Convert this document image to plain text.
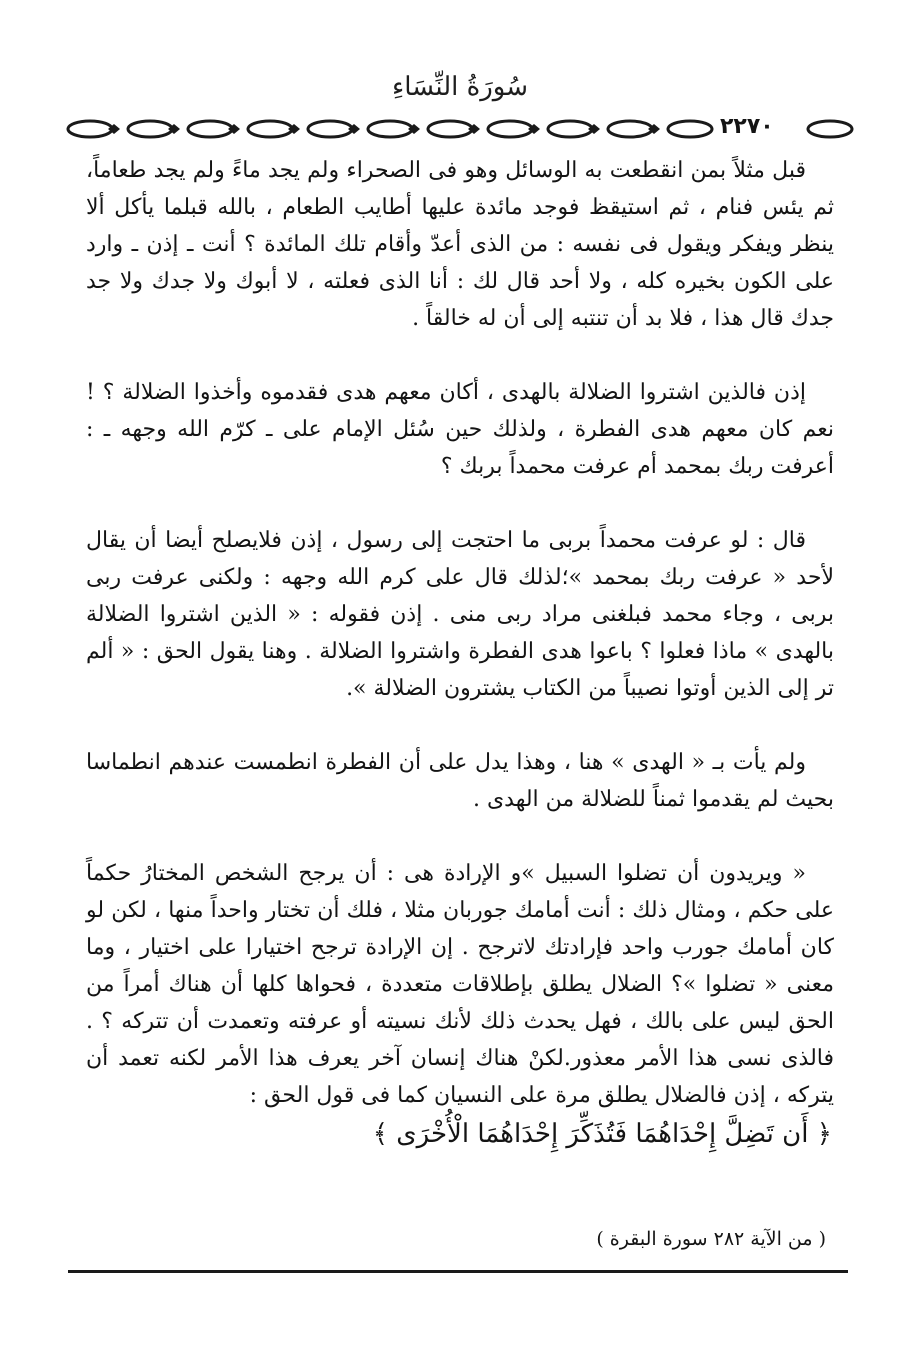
سُورَةُ النِّسَاءِ
٢٢٧٠

قبل مثلاً بمن انقطعت به الوسائل وهو فى الصحراء ولم يجد ماءً ولم يجد طعاماً، ثم يئس فنام ، ثم استيقظ فوجد مائدة عليها أطايب الطعام ، بالله قبلما يأكل ألا ينظر ويفكر ويقول فى نفسه : من الذى أعدّ وأقام تلك المائدة ؟ أنت ـ إذن ـ وارد على الكون بخيره كله ، ولا أحد قال لك : أنا الذى فعلته ، لا أبوك ولا جدك ولا جد جدك قال هذا ، فلا بد أن تنتبه إلى أن له خالقاً .

إذن فالذين اشتروا الضلالة بالهدى ، أكان معهم هدى فقدموه وأخذوا الضلالة ؟ ! نعم كان معهم هدى الفطرة ، ولذلك حين سُئل الإمام على ـ كرّم الله وجهه ـ : أعرفت ربك بمحمد أم عرفت محمداً بربك ؟

قال : لو عرفت محمداً بربى ما احتجت إلى رسول ، إذن فلايصلح أيضا أن يقال لأحد « عرفت ربك بمحمد »؛لذلك قال على كرم الله وجهه : ولكنى عرفت ربى بربى ، وجاء محمد فبلغنى مراد ربى منى . إذن فقوله : « الذين اشتروا الضلالة بالهدى » ماذا فعلوا ؟ باعوا هدى الفطرة واشتروا الضلالة . وهنا يقول الحق : « ألم تر إلى الذين أوتوا نصيباً من الكتاب يشترون الضلالة ».

ولم يأت بـ « الهدى » هنا ، وهذا يدل على أن الفطرة انطمست عندهم انطماسا بحيث لم يقدموا ثمناً للضلالة من الهدى .

« ويريدون أن تضلوا السبيل »و الإرادة هى : أن يرجح الشخص المختارُ حكماً على حكم ، ومثال ذلك : أنت أمامك جوربان مثلا ، فلك أن تختار واحداً منها ، لكن لو كان أمامك جورب واحد فإرادتك لاترجح . إن الإرادة ترجح اختيارا على اختيار ، وما معنى « تضلوا »؟ الضلال يطلق بإطلاقات متعددة ، فحواها كلها أن هناك أمراً من الحق ليس على بالك ، فهل يحدث ذلك لأنك نسيته أو عرفته وتعمدت أن تتركه ؟ . فالذى نسى هذا الأمر معذور.لكنْ هناك إنسان آخر يعرف هذا الأمر لكنه تعمد أن يتركه ، إذن فالضلال يطلق مرة على النسيان كما فى قول الحق :

﴿ أَن تَضِلَّ إِحْدَاهُمَا فَتُذَكِّرَ إِحْدَاهُمَا الْأُخْرَى ﴾

( من الآية ٢٨٢ سورة البقرة )
